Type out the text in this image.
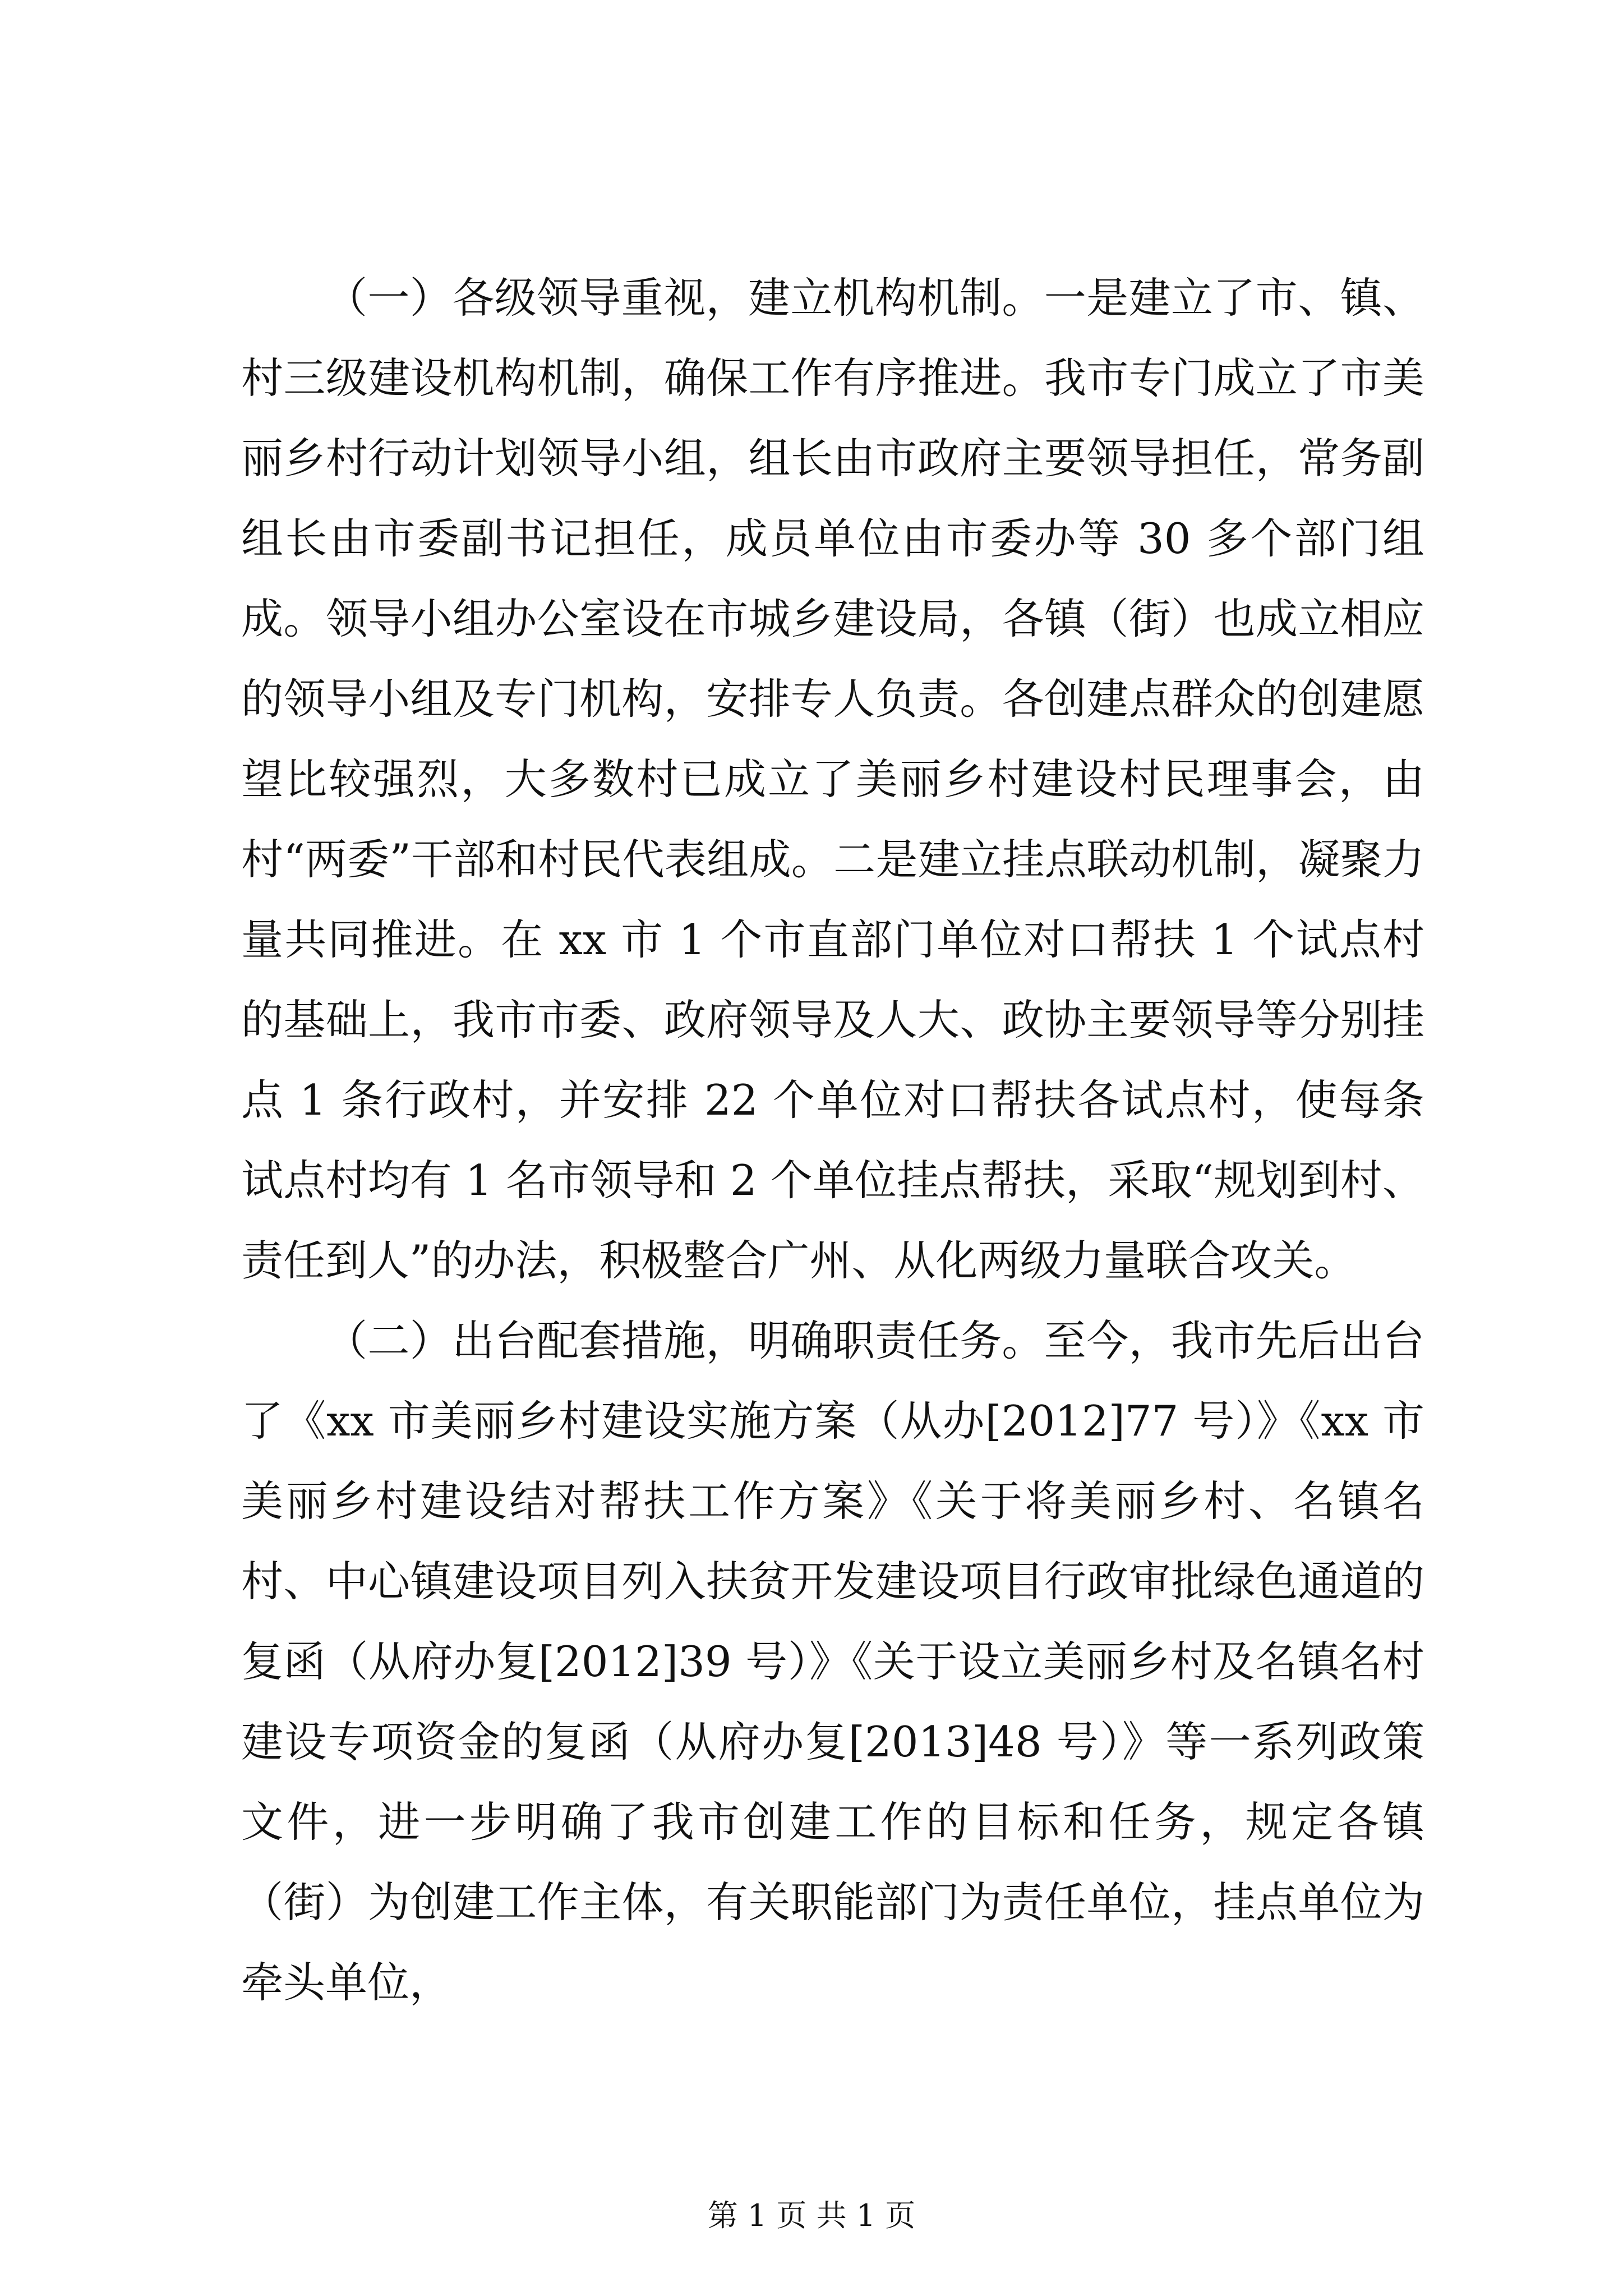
（一）各级领导重视，建立机构机制。一是建立了市、镇、村三级建设机构机制，确保工作有序推进。我市专门成立了市美丽乡村行动计划领导小组，组长由市政府主要领导担任，常务副组长由市委副书记担任，成员单位由市委办等 30 多个部门组成。领导小组办公室设在市城乡建设局，各镇（街）也成立相应的领导小组及专门机构，安排专人负责。各创建点群众的创建愿望比较强烈，大多数村已成立了美丽乡村建设村民理事会，由村“两委”干部和村民代表组成。二是建立挂点联动机制，凝聚力量共同推进。在 xx 市 1 个市直部门单位对口帮扶 1 个试点村的基础上，我市市委、政府领导及人大、政协主要领导等分别挂点 1 条行政村，并安排 22 个单位对口帮扶各试点村，使每条试点村均有 1 名市领导和 2 个单位挂点帮扶，采取“规划到村、责任到人”的办法，积极整合广州、从化两级力量联合攻关。

（二）出台配套措施，明确职责任务。至今，我市先后出台了《xx 市美丽乡村建设实施方案（从办[2012]77 号）》《xx 市美丽乡村建设结对帮扶工作方案》《关于将美丽乡村、名镇名村、中心镇建设项目列入扶贫开发建设项目行政审批绿色通道的复函（从府办复[2012]39 号）》《关于设立美丽乡村及名镇名村建设专项资金的复函（从府办复[2013]48 号）》等一系列政策文件，进一步明确了我市创建工作的目标和任务，规定各镇（街）为创建工作主体，有关职能部门为责任单位，挂点单位为牵头单位，

第 1 页 共 1 页
